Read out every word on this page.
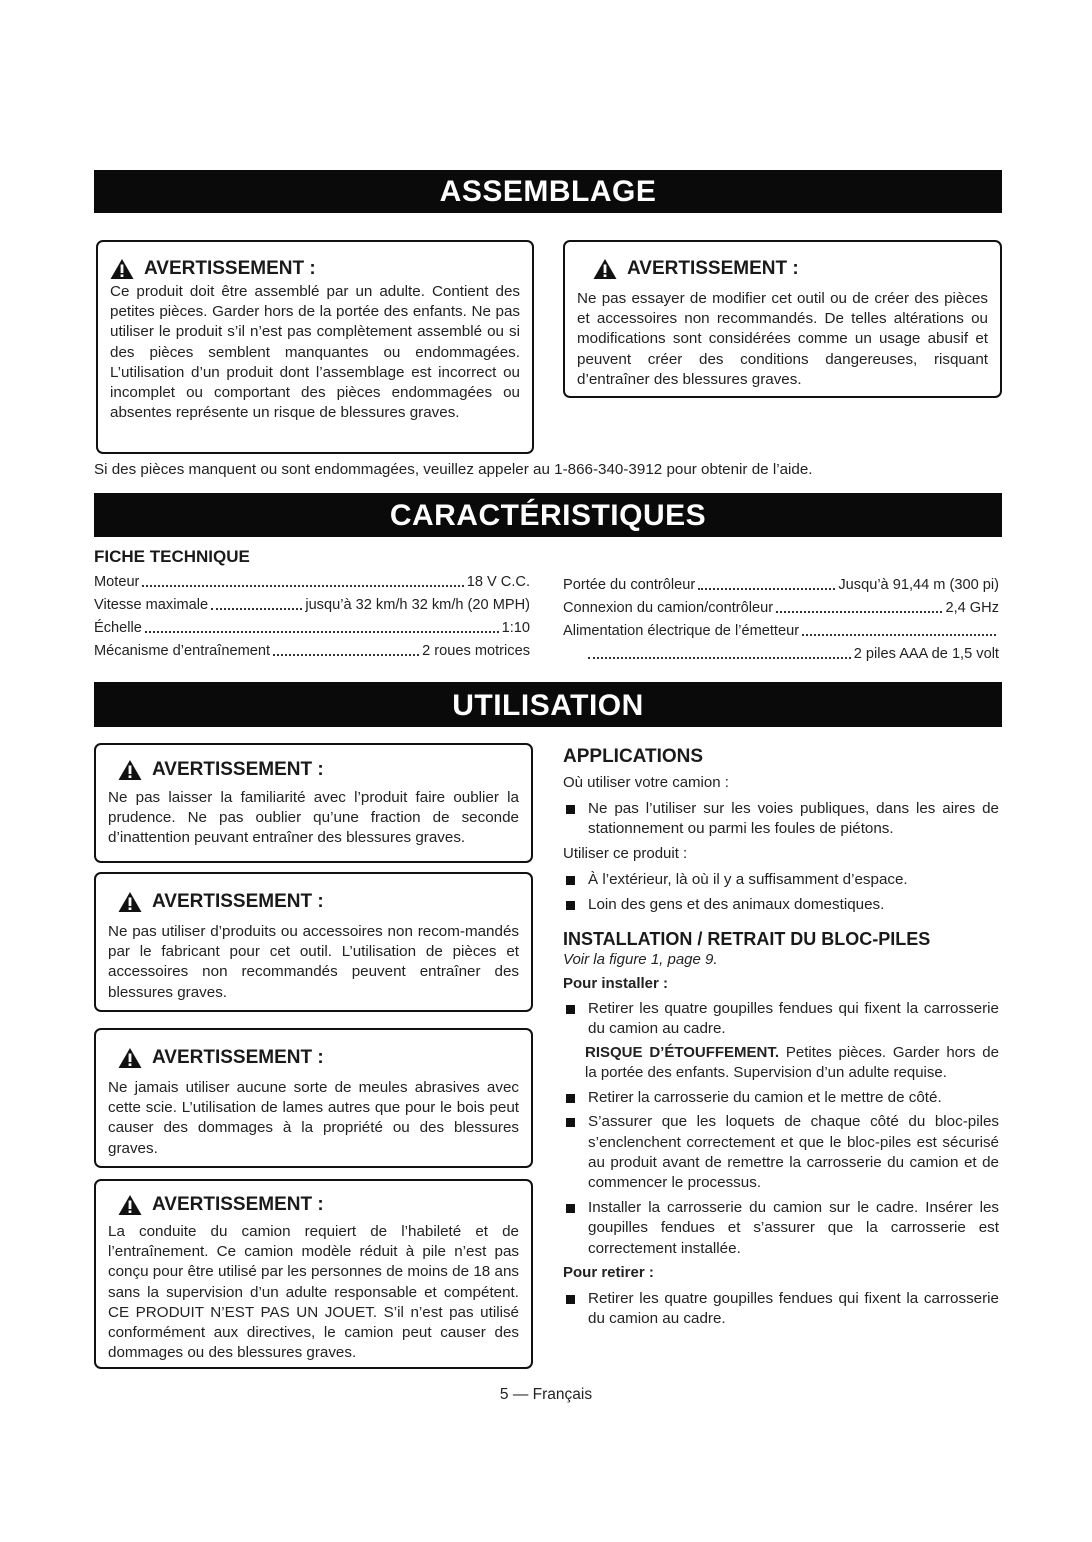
ASSEMBLAGE
AVERTISSEMENT :

Ce produit doit être assemblé par un adulte. Contient des petites pièces. Garder hors de la portée des enfants. Ne pas utiliser le produit s’il n’est pas complètement assemblé ou si des pièces semblent manquantes ou endommagées. L’utilisation d’un produit dont l’assemblage est incorrect ou incomplet ou comportant des pièces endommagées ou absentes représente un risque de blessures graves.

AVERTISSEMENT :

Ne pas essayer de modifier cet outil ou de créer des pièces et accessoires non recommandés. De telles altérations ou modifications sont considérées comme un usage abusif et peuvent créer des conditions dangereuses, risquant d’entraîner des blessures graves.

Si des pièces manquent ou sont endommagées, veuillez appeler au 1-866-340-3912 pour obtenir de l’aide.
CARACTÉRISTIQUES
FICHE TECHNIQUE
Moteur	18 V C.C.
Vitesse maximale	jusqu’à 32 km/h 32 km/h (20 MPH)
Échelle	1:10
Mécanisme d’entraînement	2 roues motrices
Portée du contrôleur	Jusqu’à 91,44 m (300 pi)
Connexion du camion/contrôleur	2,4 GHz
Alimentation électrique de l’émetteur
2 piles AAA de 1,5 volt
UTILISATION
AVERTISSEMENT :

Ne pas laisser la familiarité avec l’produit faire oublier la prudence. Ne pas oublier qu’une fraction de seconde d’inattention peuvant entraîner des blessures graves.

AVERTISSEMENT :

Ne pas utiliser d’produits ou accessoires non recom-mandés par le fabricant pour cet outil. L’utilisation de pièces et accessoires non recommandés peuvent entraîner des blessures graves.

AVERTISSEMENT :

Ne jamais utiliser aucune sorte de meules abrasives avec cette scie. L’utilisation de lames autres que pour le bois peut causer des dommages à la propriété ou des blessures graves.

AVERTISSEMENT :

La conduite du camion requiert de l’habileté et de l’entraînement. Ce camion modèle réduit à pile n’est pas conçu pour être utilisé par les personnes de moins de 18 ans sans la supervision d’un adulte responsable et compétent. CE PRODUIT N’EST PAS UN JOUET. S’il n’est pas utilisé conformément aux directives, le camion peut causer des dommages ou des blessures graves.

APPLICATIONS
Où utiliser votre camion :
Ne pas l’utiliser sur les voies publiques, dans les aires de stationnement ou parmi les foules de piétons.
Utiliser ce produit :
À l’extérieur, là où il y a suffisamment d’espace.
Loin des gens et des animaux domestiques.
INSTALLATION / RETRAIT DU BLOC-PILES
Voir la figure 1, page 9.
Pour installer :
Retirer les quatre goupilles fendues qui fixent la carrosserie du camion au cadre.
RISQUE D’ÉTOUFFEMENT. Petites pièces. Garder hors de la portée des enfants. Supervision d’un adulte requise.
Retirer la carrosserie du camion et le mettre de côté.
S’assurer que les loquets de chaque côté du bloc-piles s’enclenchent correctement et que le bloc-piles est sécurisé au produit avant de remettre la carrosserie du camion et de commencer le processus.
Installer la carrosserie du camion sur le cadre. Insérer les goupilles fendues et s’assurer que la carrosserie est correctement installée.
Pour retirer :
Retirer les quatre goupilles fendues qui fixent la carrosserie du camion au cadre.
5 — Français
